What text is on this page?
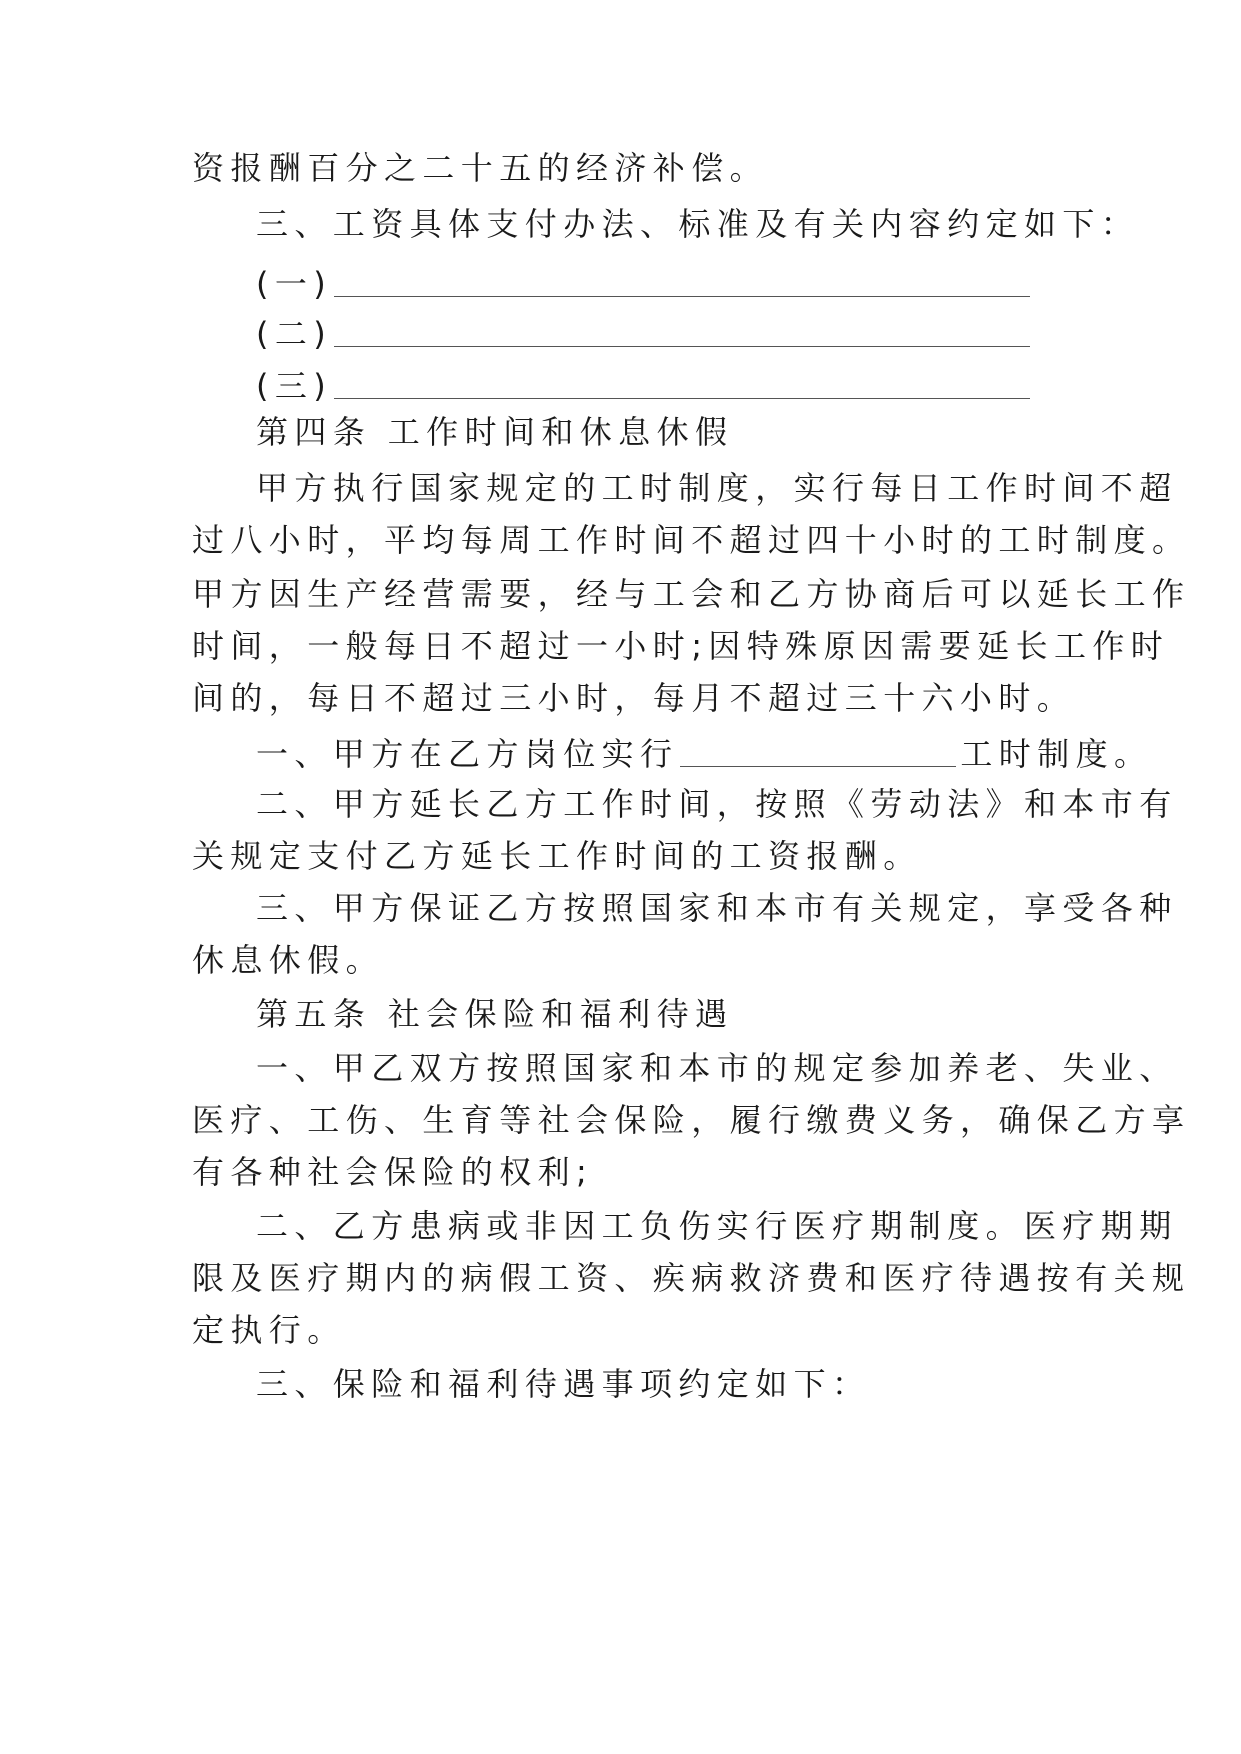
资报酬百分之二十五的经济补偿。
三、工资具体支付办法、标准及有关内容约定如下：
(一)
(二)
(三)
第四条 工作时间和休息休假
甲方执行国家规定的工时制度，实行每日工作时间不超
过八小时，平均每周工作时间不超过四十小时的工时制度。
甲方因生产经营需要，经与工会和乙方协商后可以延长工作
时间，一般每日不超过一小时;因特殊原因需要延长工作时
间的，每日不超过三小时，每月不超过三十六小时。
一、甲方在乙方岗位实行	工时制度。
二、甲方延长乙方工作时间，按照《劳动法》和本市有
关规定支付乙方延长工作时间的工资报酬。
三、甲方保证乙方按照国家和本市有关规定，享受各种
休息休假。
第五条 社会保险和福利待遇
一、甲乙双方按照国家和本市的规定参加养老、失业、
医疗、工伤、生育等社会保险，履行缴费义务，确保乙方享
有各种社会保险的权利;
二、乙方患病或非因工负伤实行医疗期制度。医疗期期
限及医疗期内的病假工资、疾病救济费和医疗待遇按有关规
定执行。
三、保险和福利待遇事项约定如下：
